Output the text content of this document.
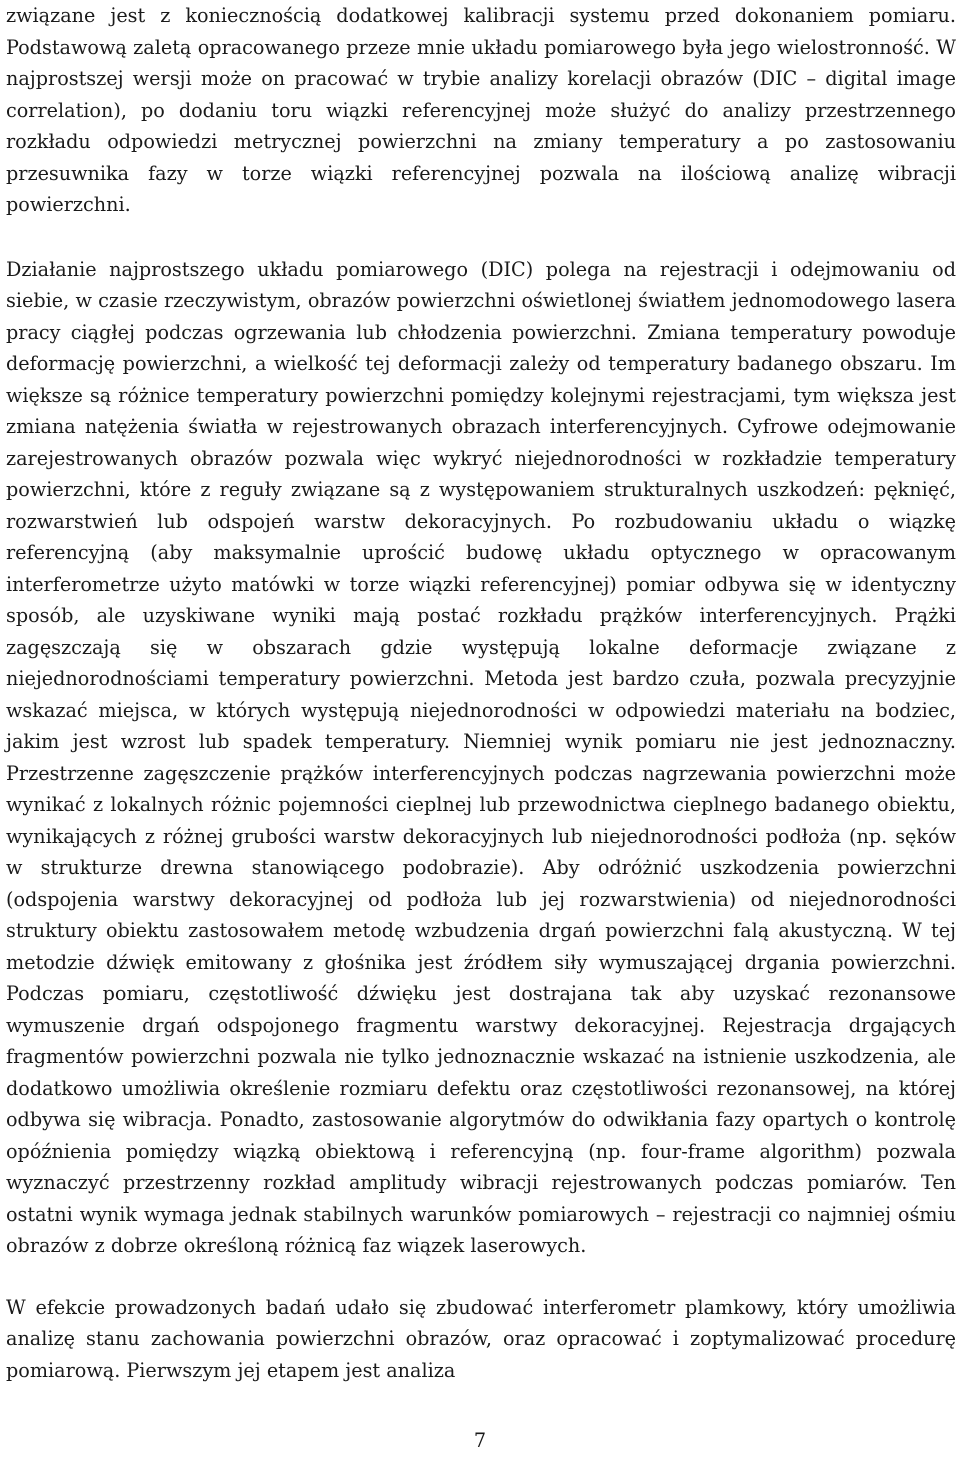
związane jest z koniecznością dodatkowej kalibracji systemu przed dokonaniem pomiaru. Podstawową zaletą opracowanego przeze mnie układu pomiarowego była jego wielostronność. W najprostszej wersji może on pracować w trybie analizy korelacji obrazów (DIC – digital image correlation), po dodaniu toru wiązki referencyjnej może służyć do analizy przestrzennego rozkładu odpowiedzi metrycznej powierzchni na zmiany temperatury a po zastosowaniu przesuwnika fazy w torze wiązki referencyjnej pozwala na ilościową analizę wibracji powierzchni.

Działanie najprostszego układu pomiarowego (DIC) polega na rejestracji i odejmowaniu od siebie, w czasie rzeczywistym, obrazów powierzchni oświetlonej światłem jednomodowego lasera pracy ciągłej podczas ogrzewania lub chłodzenia powierzchni. Zmiana temperatury powoduje deformację powierzchni, a wielkość tej deformacji zależy od temperatury badanego obszaru. Im większe są różnice temperatury powierzchni pomiędzy kolejnymi rejestracjami, tym większa jest zmiana natężenia światła w rejestrowanych obrazach interferencyjnych. Cyfrowe odejmowanie zarejestrowanych obrazów pozwala więc wykryć niejednorodności w rozkładzie temperatury powierzchni, które z reguły związane są z występowaniem strukturalnych uszkodzeń: pęknięć, rozwarstwień lub odspojeń warstw dekoracyjnych. Po rozbudowaniu układu o wiązkę referencyjną (aby maksymalnie uprościć budowę układu optycznego w opracowanym interferometrze użyto matówki w torze wiązki referencyjnej) pomiar odbywa się w identyczny sposób, ale uzyskiwane wyniki mają postać rozkładu prążków interferencyjnych. Prążki zagęszczają się w obszarach gdzie występują lokalne deformacje związane z niejednorodnościami temperatury powierzchni. Metoda jest bardzo czuła, pozwala precyzyjnie wskazać miejsca, w których występują niejednorodności w odpowiedzi materiału na bodziec, jakim jest wzrost lub spadek temperatury. Niemniej wynik pomiaru nie jest jednoznaczny. Przestrzenne zagęszczenie prążków interferencyjnych podczas nagrzewania powierzchni może wynikać z lokalnych różnic pojemności cieplnej lub przewodnictwa cieplnego badanego obiektu, wynikających z różnej grubości warstw dekoracyjnych lub niejednorodności podłoża (np. sęków w strukturze drewna stanowiącego podobrazie). Aby odróżnić uszkodzenia powierzchni (odspojenia warstwy dekoracyjnej od podłoża lub jej rozwarstwienia) od niejednorodności struktury obiektu zastosowałem metodę wzbudzenia drgań powierzchni falą akustyczną. W tej metodzie dźwięk emitowany z głośnika jest źródłem siły wymuszającej drgania powierzchni. Podczas pomiaru, częstotliwość dźwięku jest dostrajana tak aby uzyskać rezonansowe wymuszenie drgań odspojonego fragmentu warstwy dekoracyjnej. Rejestracja drgających fragmentów powierzchni pozwala nie tylko jednoznacznie wskazać na istnienie uszkodzenia, ale dodatkowo umożliwia określenie rozmiaru defektu oraz częstotliwości rezonansowej, na której odbywa się wibracja. Ponadto, zastosowanie algorytmów do odwikłania fazy opartych o kontrolę opóźnienia pomiędzy wiązką obiektową i referencyjną (np. four-frame algorithm) pozwala wyznaczyć przestrzenny rozkład amplitudy wibracji rejestrowanych podczas pomiarów. Ten ostatni wynik wymaga jednak stabilnych warunków pomiarowych – rejestracji co najmniej ośmiu obrazów z dobrze określoną różnicą faz wiązek laserowych.

W efekcie prowadzonych badań udało się zbudować interferometr plamkowy, który umożliwia analizę stanu zachowania powierzchni obrazów, oraz opracować i zoptymalizować procedurę pomiarową. Pierwszym jej etapem jest analiza

7
